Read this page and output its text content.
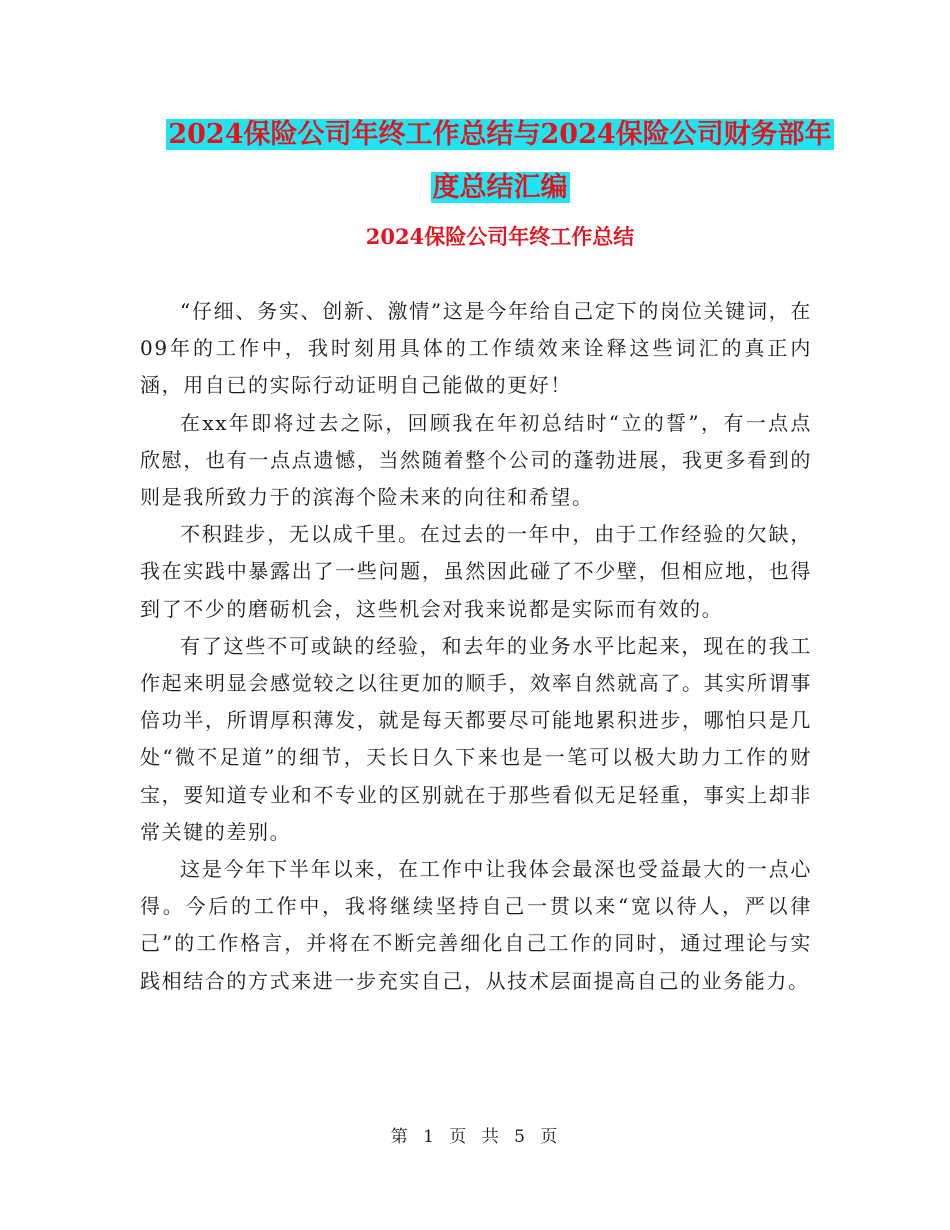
2024保险公司年终工作总结与2024保险公司财务部年
度总结汇编
2024保险公司年终工作总结

“仔细、务实、创新、激情”这是今年给自己定下的岗位关键词，在09年的工作中，我时刻用具体的工作绩效来诠释这些词汇的真正内涵，用自已的实际行动证明自己能做的更好！

在xx年即将过去之际，回顾我在年初总结时“立的誓”，有一点点欣慰，也有一点点遗憾，当然随着整个公司的蓬勃进展，我更多看到的则是我所致力于的滨海个险未来的向往和希望。

不积跬步，无以成千里。在过去的一年中，由于工作经验的欠缺，我在实践中暴露出了一些问题，虽然因此碰了不少壁，但相应地，也得到了不少的磨砺机会，这些机会对我来说都是实际而有效的。

有了这些不可或缺的经验，和去年的业务水平比起来，现在的我工作起来明显会感觉较之以往更加的顺手，效率自然就高了。其实所谓事倍功半，所谓厚积薄发，就是每天都要尽可能地累积进步，哪怕只是几处“微不足道”的细节，天长日久下来也是一笔可以极大助力工作的财宝，要知道专业和不专业的区别就在于那些看似无足轻重，事实上却非常关键的差别。

这是今年下半年以来，在工作中让我体会最深也受益最大的一点心得。今后的工作中，我将继续坚持自己一贯以来“宽以待人，严以律己”的工作格言，并将在不断完善细化自己工作的同时，通过理论与实践相结合的方式来进一步充实自己，从技术层面提高自己的业务能力。

第 1 页 共 5 页
